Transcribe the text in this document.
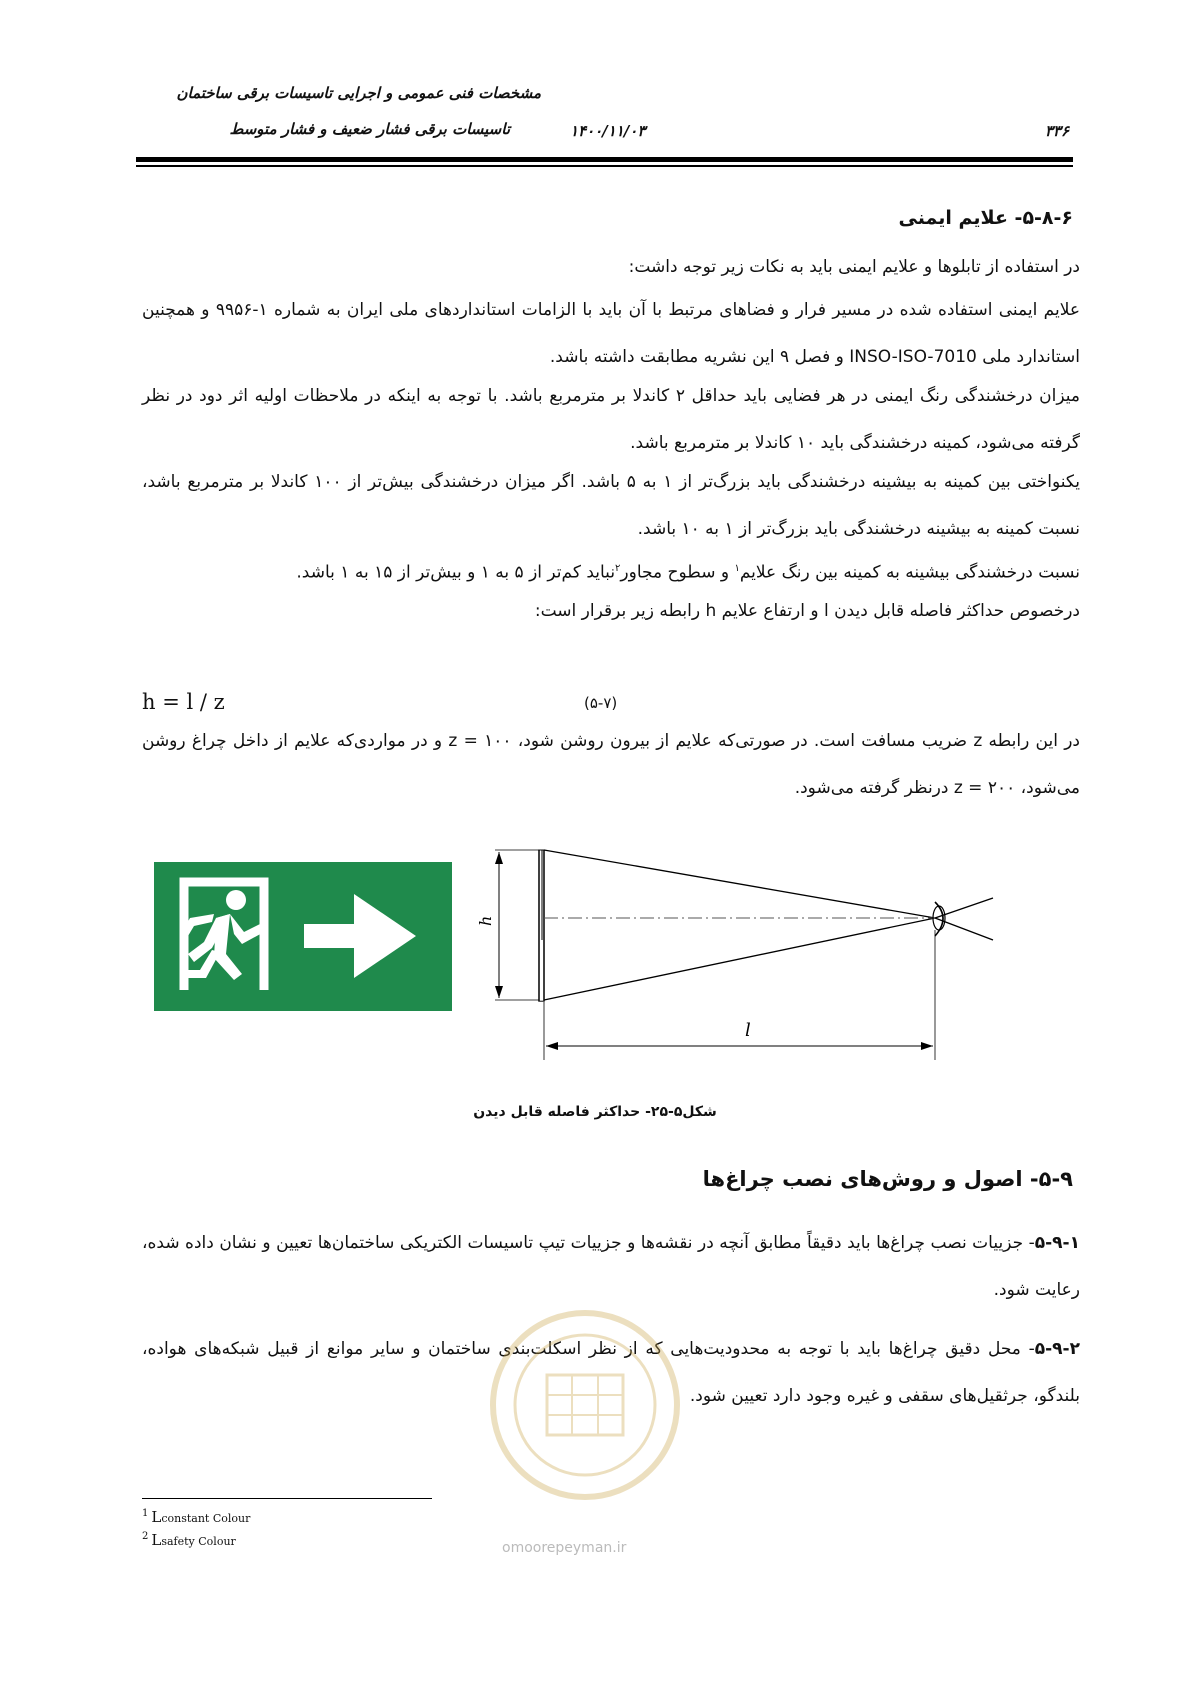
مشخصات فنی عمومی و اجرایی تاسیسات برقی ساختمان
تاسیسات برقی فشار ضعیف و فشار متوسط	۱۴۰۰/۱۱/۰۳	۳۳۶
۵-۸-۶- علایم ایمنی
در استفاده از تابلوها و علایم ایمنی باید به نکات زیر توجه داشت:
علایم ایمنی استفاده شده در مسیر فرار و فضاهای مرتبط با آن باید با الزامات استانداردهای ملی ایران به شماره ۱-۹۹۵۶ و همچنین استاندارد ملی INSO-ISO-7010 و فصل ۹ این نشریه مطابقت داشته باشد.
میزان درخشندگی رنگ ایمنی در هر فضایی باید حداقل ۲ کاندلا بر مترمربع باشد. با توجه به اینکه در ملاحظات اولیه اثر دود در نظر گرفته می‌شود، کمینه درخشندگی باید ۱۰ کاندلا بر مترمربع باشد.
یکنواختی بین کمینه به بیشینه درخشندگی باید بزرگ‌تر از ۱ به ۵ باشد. اگر میزان درخشندگی بیش‌تر از ۱۰۰ کاندلا بر مترمربع باشد، نسبت کمینه به بیشینه درخشندگی باید بزرگ‌تر از ۱ به ۱۰ باشد.
نسبت درخشندگی بیشینه به کمینه بین رنگ علایم$^۱$ و سطوح مجاور$^۲$نباید کم‌تر از ۵ به ۱ و بیش‌تر از ۱۵ به ۱ باشد.
درخصوص حداکثر فاصله قابل دیدن l و ارتفاع علایم h رابطه زیر برقرار است:
h = l / z	(۵-۷)
در این رابطه z ضریب مسافت است. در صورتی‌که علایم از بیرون روشن شود، z = ۱۰۰ و در مواردی‌که علایم از داخل چراغ روشن می‌شود، z = ۲۰۰ درنظر گرفته می‌شود.
h
l
شکل۵-۲۵- حداکثر فاصله قابل دیدن
۵-۹- اصول و روش‌های نصب چراغ‌ها
۵-۹-۱- جزییات نصب چراغ‌ها باید دقیقاً مطابق آنچه در نقشه‌ها و جزییات تیپ تاسیسات الکتریکی ساختمان‌ها تعیین و نشان داده شده، رعایت شود.
۵-۹-۲- محل دقیق چراغ‌ها باید با توجه به محدودیت‌هایی که از نظر اسکلت‌بندی ساختمان و سایر موانع از قبیل شبکه‌های هواده، بلندگو، جرثقیل‌های سقفی و غیره وجود دارد تعیین شود.
omoorepeyman.ir
$^1$ Lconstant Colour
$^2$ Lsafety Colour
